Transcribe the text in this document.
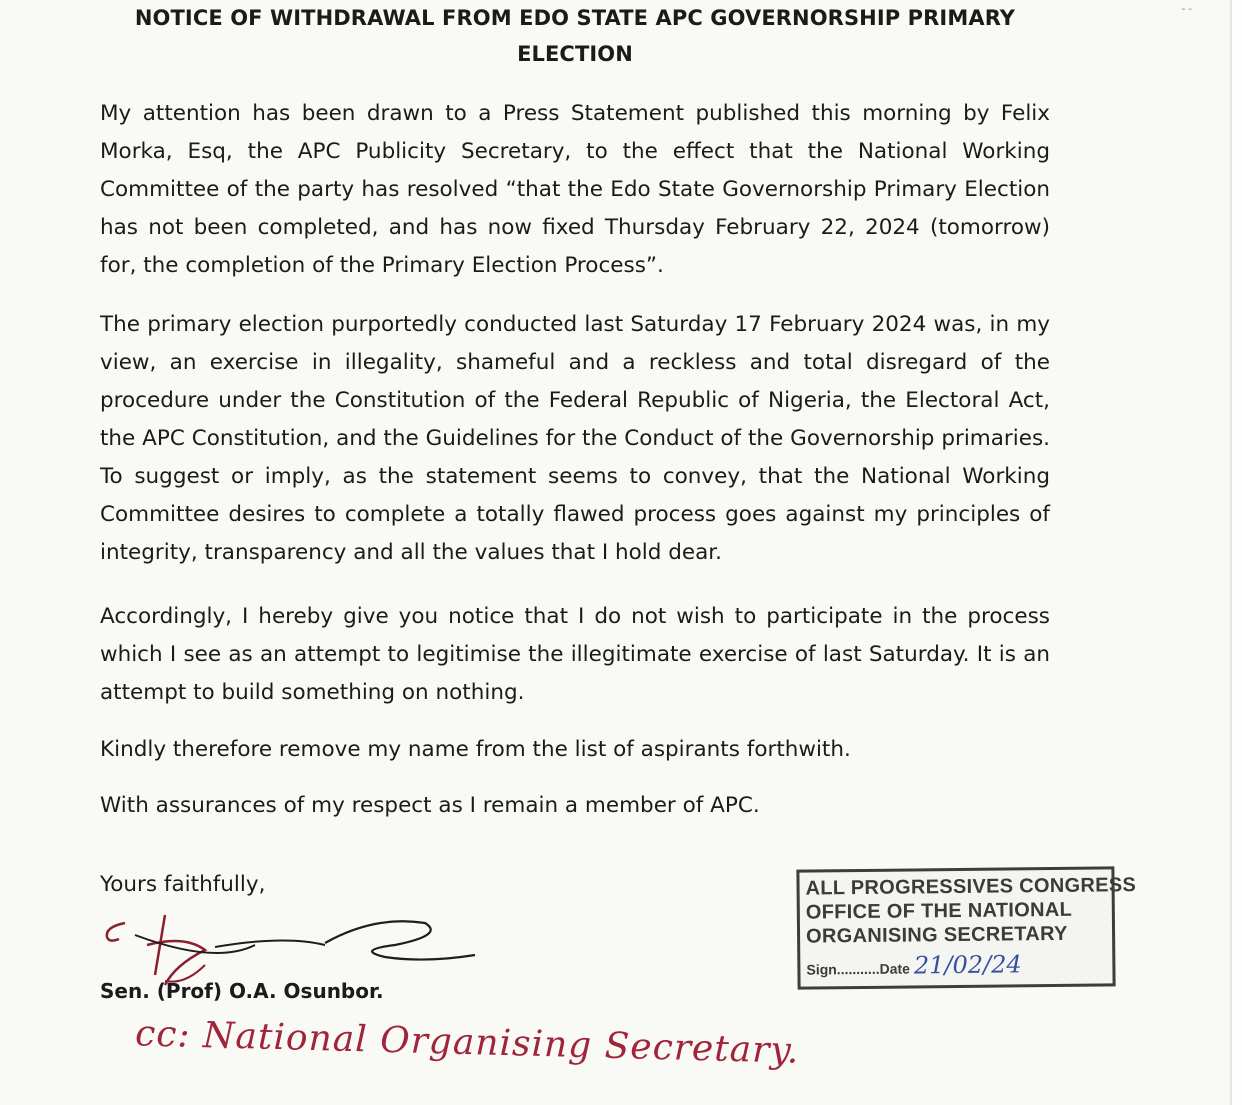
NOTICE OF WITHDRAWAL FROM EDO STATE APC GOVERNORSHIP PRIMARY
ELECTION

My attention has been drawn to a Press Statement published this morning by Felix Morka, Esq, the APC Publicity Secretary, to the effect that the National Working Committee of the party has resolved “that the Edo State Governorship Primary Election has not been completed, and has now fixed Thursday February 22, 2024 (tomorrow) for, the completion of the Primary Election Process”.

The primary election purportedly conducted last Saturday 17 February 2024 was, in my view, an exercise in illegality, shameful and a reckless and total disregard of the procedure under the Constitution of the Federal Republic of Nigeria, the Electoral Act, the APC Constitution, and the Guidelines for the Conduct of the Governorship primaries. To suggest or imply, as the statement seems to convey, that the National Working Committee desires to complete a totally flawed process goes against my principles of integrity, transparency and all the values that I hold dear.

Accordingly, I hereby give you notice that I do not wish to participate in the process which I see as an attempt to legitimise the illegitimate exercise of last Saturday. It is an attempt to build something on nothing.

Kindly therefore remove my name from the list of aspirants forthwith.

With assurances of my respect as I remain a member of APC.

Yours faithfully,
Sen. (Prof) O.A. Osunbor.
cc: National Organising Secretary.
ALL PROGRESSIVES CONGRESS
OFFICE OF THE NATIONAL
ORGANISING SECRETARY
Sign......... ..Date 21/02/24
- -
